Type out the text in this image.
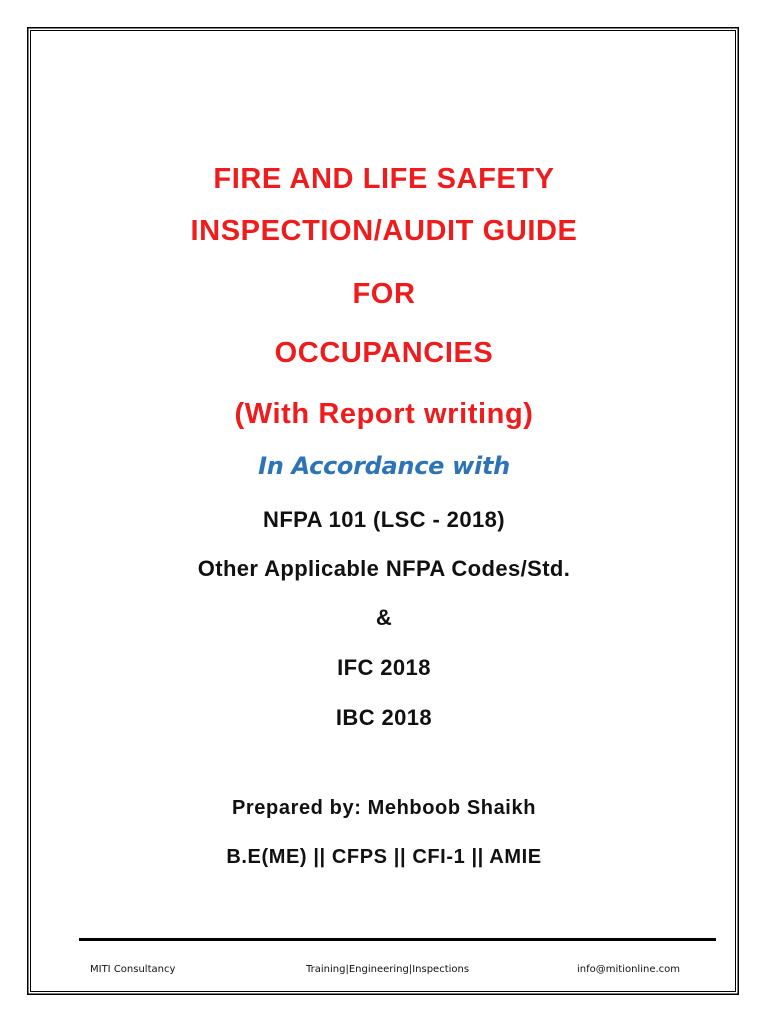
FIRE AND LIFE SAFETY
INSPECTION/AUDIT GUIDE
FOR
OCCUPANCIES
(With Report writing)
In Accordance with
NFPA 101 (LSC - 2018)
Other Applicable NFPA Codes/Std.
&
IFC 2018
IBC 2018
Prepared by: Mehboob Shaikh
B.E(ME) || CFPS || CFI-1 || AMIE
MITI Consultancy	Training|Engineering|Inspections	info@mitionline.com
